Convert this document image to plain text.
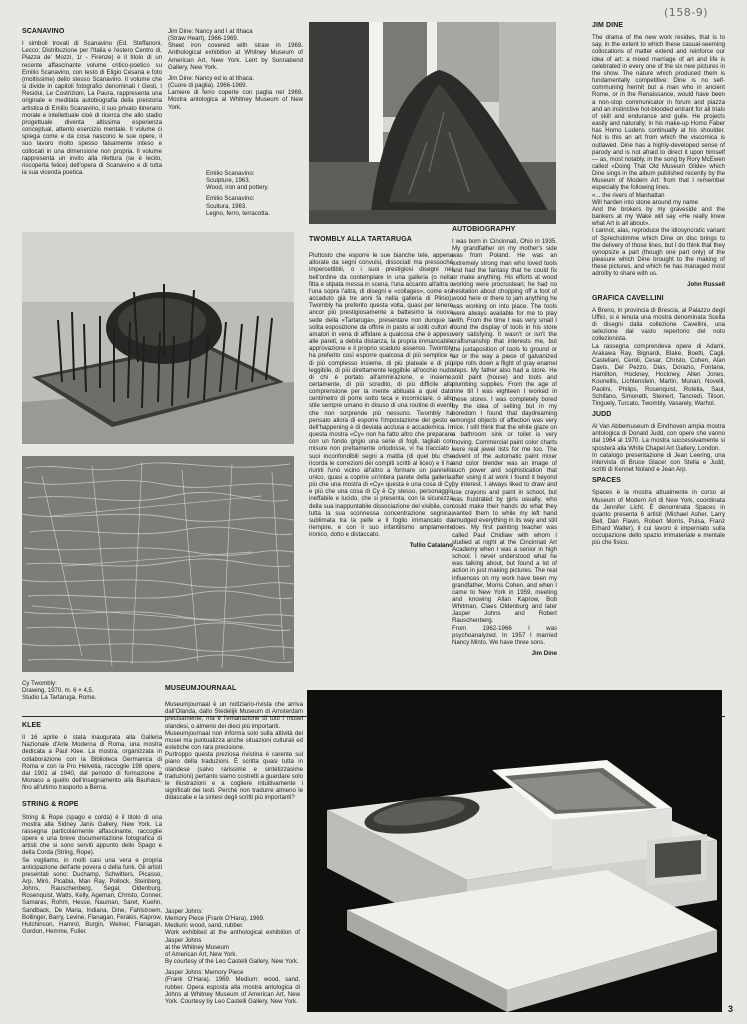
(158-9)
SCANAVINO

I simboli trovati di Scanavino (Ed. Steffanoni, Lecco; Distribuzione per l'Italia e l'estero Centro di, Piazza de' Mozzi, 1r - Firenze) è il titolo di un recente affascinante volume critico-poetico su Emilio Scanavino, con testo di Eligio Cesana e foto (moltissime) dello stesso Scanavino. Il volume che si divide in capitoli fotografici denominati I Gesti, I Residui, Le Costrizioni, La Paura, rappresenta una originale e meditata autobiografia della preistoria artistica di Emilio Scanavino, il suo privato itinerario morale e intellettuale cioè di ricerca che allo stadio progettuale diventa altissima esperienza conceptual, attento esercizio mentale. Il volume ci spiega come e da cosa nascono le sue opere, il suo lavoro molto spesso falsamente inteso e collocati in una dimensione non propria. Il volume rappresenta un invito alla rilettura (se è lecito, riscoperta felice) dell'opera di Scanavino e di tutta la sua vicenda poetica.

Jim Dine: Nancy and I at Ithaca
(Straw Heart), 1966-1969.
Sheet iron covered with straw in 1969. Anthological exhibition at Whitney Museum of American Art, New York. Lent by Sonnabend Gallery, New York.

Jim Dine: Nancy ed io at Ithaca.
(Cuore di paglia). 1966-1969.
Lamiere di ferro coperte con paglia nel 1969. Mostra antologica al Whitney Museum of New York.

Emilio Scanavino:
Sculpture, 1963.
Wood, iron and pottery.

Emilio Scanavino:
Scultura, 1963.
Legno, ferro, terracotta.

Cy Twombly:
Drawing, 1970. m. 6 × 4,5.
Studio La Tartaruga, Rome.

TWOMBLY ALLA TARTARUGA

Piuttosto che esporre le sue bianche tele, appena allorate da segni convulsi, dissociati ma pressoché impercettibili, o i suoi prestigiosi disegni nel bell'ordine da contemplare in una galleria (o nella fitta e stipata messa in scena, l'una accanto all'altra o l'una sopra l'altra, di disegni e «collages», come era accaduto già tre anni fa nella galleria di Plinio), Twombly ha preferito questa volta, quasi per tenere ancor più prestigiosamente a battesimo la nuova sede della «Tartaruga», presentare non dunque la solita esposizione da offrire in pasto ai soliti cultori e amatori in vena di affidare a qualcosa che è appeso alle pareti, a debita distanza, la propria immancabile approvazione e il proprio scaduto assenso. Twombly ha preferito così esporre qualcosa di più semplice e di più complesso insieme, di più plateale e di più leggibile, di più direttamente leggibile all'occhio nudo di chi è portato all'ammirazione, e insieme, certamente, di più scredito, di più difficile alla comprensione per la mente abituata a quel dato centimetro di porre sotto teca e incorniciare, o allo stile sempre umano in disuso di una routine di eventi che non sorprende più nessuno. Twombly ha pensato allora di esporre l'impostazione del gesto e dell'happening è di deviata acclusa e accademica. In questa mostra «Cy» non ha fatto altro che preparare con un fondo grigio una serie di fogli, tagliati con misure non prettamente ortodosse, vi ha tracciato i suoi inconfondibili segni a matita (di quel blu che ricorda le correzioni dei compiti scritti al liceo) e li ha riuniti l'uno vicino all'altro a formare un pannello unico, quasi a coprire un'intera parete della galleria: più che una mostra di «Cy» questa è una cosa di Cy, e più che una cosa di Cy è Cy stesso, personaggio ineffabile e lucido, che si presenta, con la sicurezza della sua inappuntabile dissociazione del visibile, con tutta la sua sconnessa concentrazione segnica, sublimata tra la pelle e il foglio immancato da riempire, e con il suo infantilismo amplamente ironico, dotto e distaccato.

Tullio Catalano
AUTOBIOGRAPHY

I was born in Cincinnati, Ohio in 1935. My grandfather on my mother's side was from Poland. He was an extremely strong man who loved tools and had the fantasy that he could fix or make anything. His efforts at wood working were procrustean; he had no hesitation about chopping off a foot of wood here or there to jam anything he was working on into place. The tools were always available for me to play with. From the time I was very small I found the display of tools in his store very satisfying. It wasn't or isn't the craftsmanship that interests me, but the juxtaposition of tools to ground or air or the way a piece of galvanized pipe rolls down a flight of gray enamel steps. My father also had a store. He sold paint (house) and tools and plumbing supplies. From the age of nine till I was eighteen I worked in these stores. I was completely bored by the idea of selling but in my boredom I found that daydreaming amongst objects of affection was very nice. I still think that the white glaze on a bathroom sink or toilet is very moving. Commercial paint color charts were real jewel lists for me too. The advent of the automatic paint mixer and color blender was an image of such power and sophistication that after using it at work I found it beyond by interest. I always liked to draw and use crayons and paint in school, but was frustrated by girls usually, who could make their hands do what they wanted them to while my left hand smudged everything in its way and still does. My first painting teacher was called Paul Chidlaw with whom I studied at night at the Cincinnati Art Academy when I was a senior in high school. I never understood what he was talking about, but found a lot of action in just making pictures. The real influences on my work have been my grandfather, Morris Cohen, and when I came to New York in 1959, meeting and knowing Allan Kaprow, Bob Whitman, Claes Oldenburg and later Jasper Johns and Robert Rauschenberg.
From 1962-1966 I was psychoanalyzed. In 1957 I married Nancy Minto. We have three sons.

Jim Dine
JIM DINE

The drama of the new work resides, that is to say, in the extent to which these casual-seeming collocations of matter extend and reinforce our idea of art: a mixed marriage of art and life is celebrated in every one of the six new pictures in the show. The nature which produced them is fundamentally competitive: Dine is no self-communing hermit but a man who in ancient Rome, or in the Renaissance, would have been a non-stop communicator in forum and piazza and an instinctive hot-blooded entrant for all trials of skill and endurance and guile. He projects easily and naturally; in his make-up Homo Faber has Homo Ludens continually at his shoulder. Not is this an art from which the viscomica is outlawed. Dine has a highly-developed sense of parody and is not afraid to direct it upon himself — as, most notably, in the song by Rory McEwen called «Doing That Old Museum Glide» which Dine sings in the album published recently by the Museum of Modern Art: from that I remember especially the following lines.
«... the rivers of Manhattan
Will harden into stone around my name
And the brokers by my graveside and the bankers at my Wake will say «He really knew what Art is all about».
I cannot, alas, reproduce the idiosyncratic variant of Sprechstimme which Dine on disc brings to the delivery of those lines, but I do think that they synopsize a part (though one part only) of the pleasure which Dine brought to the making of these pictures, and which he has managed most adroitly to share with us.

John Russell
GRAFICA CAVELLINI

A Breno, in provincia di Brescia, al Palazzo degli Uffici, si è tenuta una mostra denominata Scelta di disegni dalla collezione Cavellini, una selezione dal vasto repertorio del noto collezionista.
La rassegna comprendeva opere di Adami, Arakawa Ray, Bignardi, Blake, Boetti, Cagli, Castellani, Ceroli, Cesar, Christo, Cohen, Alan Davis, Del Pezzo, Dias, Dorazio, Fontana, Hamilton, Hockney, Hockney, Allen Jones, Kounellis, Lichtenstein, Martin, Munari, Novelli, Paolini, Philips, Rosenquist, Rotella, Saul, Schifano, Simonetti, Steinert, Tancredi, Tilson, Tinguely, Turcato, Twombly, Vasarely, Warhol.

JUDD

Al Van Abbemuseum di Eindhoven ampia mostra antologica di Donald Judd, con opere che vanno dal 1964 al 1970. La mostra successivamente si sposterà alla White Chapel Art Gallery, London.
In catalogo presentazione di Jean Leering, una intervista di Bruce Glacer con Stella e Judd, scritti di Kennet Noland e Jean Arp.

SPACES

Spaces è la mostra attualmente in corso al Museum of Modern Art di New York, coordinata da Jennifer Licht. È denominata Spaces in quanto presenta 6 artisti (Michael Asher, Larry Bell, Dan Flavin, Robert Morris, Pulsa, Franz Erhard Walter), il cui lavoro è imperniato sulla occupazione dello spazio immateriale e mentale più che fisico.

KLEE

Il 16 aprile è stata inaugurata alla Galleria Nazionale d'Arte Moderna di Roma, una mostra dedicata a Paul Klee. La mostra, organizzata in collaborazione con la Biblioteca Germanica di Roma e con la Pro Helvetia, raccoglie 198 opere, dal 1901 al 1940, dal periodo di formazione a Monaco a quello dell'insegnamento alla Bauhaus, fino all'ultimo trasporto a Berna.

STRING & ROPE

String & Rope (spago e corda) è il titolo di una mostra alla Sidney Janis Gallery, New York. La rassegna particolarmente affascinante, raccoglie opere e una breve documentazione fotografica di artisti che si sono serviti appunto dello Spago e della Corda (String, Rope).
Se vogliamo, in molti casi una vera e propria anticipazione dell'arte povera o della funk. Gli artisti presentati sono: Duchamp, Schwitters, Picasso, Arp, Mirò, Picabia, Man Ray, Pollock, Steinberg, Johns, Rauschenberg, Segal, Oldenburg, Rosenquist, Watts, Kelly, Ageman, Christo, Conner, Samaras, Rohm, Hesse, Nauman, Saret, Kuehn, Sandback, De Maria, Indiana, Dine, Fahlstroem, Bollinger, Barry, Levine, Flanagan, Ferakis, Kaprow, Hutchinson, Hamrol, Burgin, Weiner, Flanagan, Gordon, Hemme, Fuller.

MUSEUMJOURNAAL

Museumjournaal è un notiziario-rivista che arriva dall'Olanda, dallo Stedelijk Museum di Amsterdam precisamente, ma è l'emanazione di tutti i musei olandesi, o almeno dei dieci più importanti.
Museumjournaal non informa solo sulla attività dei musei ma puntualizza anche situazioni culturali ed estetiche con rara precisione.
Purtroppo questa preziosa rivistina è carente sul piano della traduzioni. È scritta quasi tutta in olandese (salvo rarissime e sintetizzasime traduzioni) pertanto siamo costretti a guardare solo le illustrazioni e a cogliere intuitivamente i significati dei testi. Perché non tradurre almeno le didascalie e la sintesi degli scritti più importanti?

Jasper Johns:
Memory Piece (Frank O'Hara), 1969.
Medium: wood, sand, rubber.
Work exhibited at the anthological exhibition of Jasper Johns
at the Whitney Museum
of American Art, New York.
By courtesy of the Leo Castelli Gallery, New York.

Jasper Johns: Memory Piece
(Frank O'Hara), 1969. Medium: wood, sand, rubber. Opera esposta alla mostra antologica di Johns al Whitney Museum of American Art, New York. Courtesy by Leo Castelli Gallery, New York.

3
